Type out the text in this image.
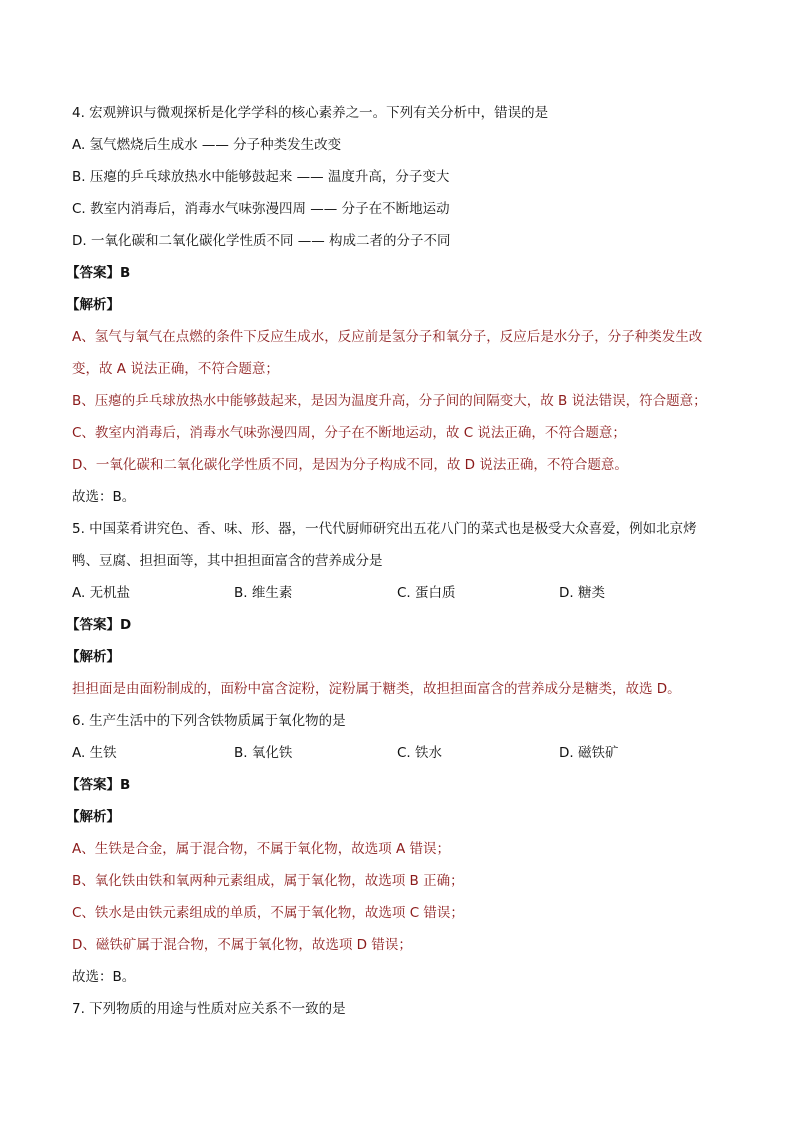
4. 宏观辨识与微观探析是化学学科的核心素养之一。下列有关分析中，错误的是
A. 氢气燃烧后生成水 —— 分子种类发生改变
B. 压瘪的乒乓球放热水中能够鼓起来 —— 温度升高，分子变大
C. 教室内消毒后，消毒水气味弥漫四周 —— 分子在不断地运动
D. 一氧化碳和二氧化碳化学性质不同 —— 构成二者的分子不同
【答案】B
【解析】
A、氢气与氧气在点燃的条件下反应生成水，反应前是氢分子和氧分子，反应后是水分子，分子种类发生改
变，故 A 说法正确，不符合题意；
B、压瘪的乒乓球放热水中能够鼓起来，是因为温度升高，分子间的间隔变大，故 B 说法错误，符合题意；
C、教室内消毒后，消毒水气味弥漫四周，分子在不断地运动，故 C 说法正确，不符合题意；
D、一氧化碳和二氧化碳化学性质不同，是因为分子构成不同，故 D 说法正确，不符合题意。
故选：B。
5. 中国菜肴讲究色、香、味、形、器，一代代厨师研究出五花八门的菜式也是极受大众喜爱，例如北京烤
鸭、豆腐、担担面等，其中担担面富含的营养成分是
A. 无机盐	B. 维生素	C. 蛋白质	D. 糖类
【答案】D
【解析】
担担面是由面粉制成的，面粉中富含淀粉，淀粉属于糖类，故担担面富含的营养成分是糖类，故选 D。
6. 生产生活中的下列含铁物质属于氧化物的是
A. 生铁	B. 氧化铁	C. 铁水	D. 磁铁矿
【答案】B
【解析】
A、生铁是合金，属于混合物，不属于氧化物，故选项 A 错误；
B、氧化铁由铁和氧两种元素组成，属于氧化物，故选项 B 正确；
C、铁水是由铁元素组成的单质，不属于氧化物，故选项 C 错误；
D、磁铁矿属于混合物，不属于氧化物，故选项 D 错误；
故选：B。
7. 下列物质的用途与性质对应关系不一致的是
